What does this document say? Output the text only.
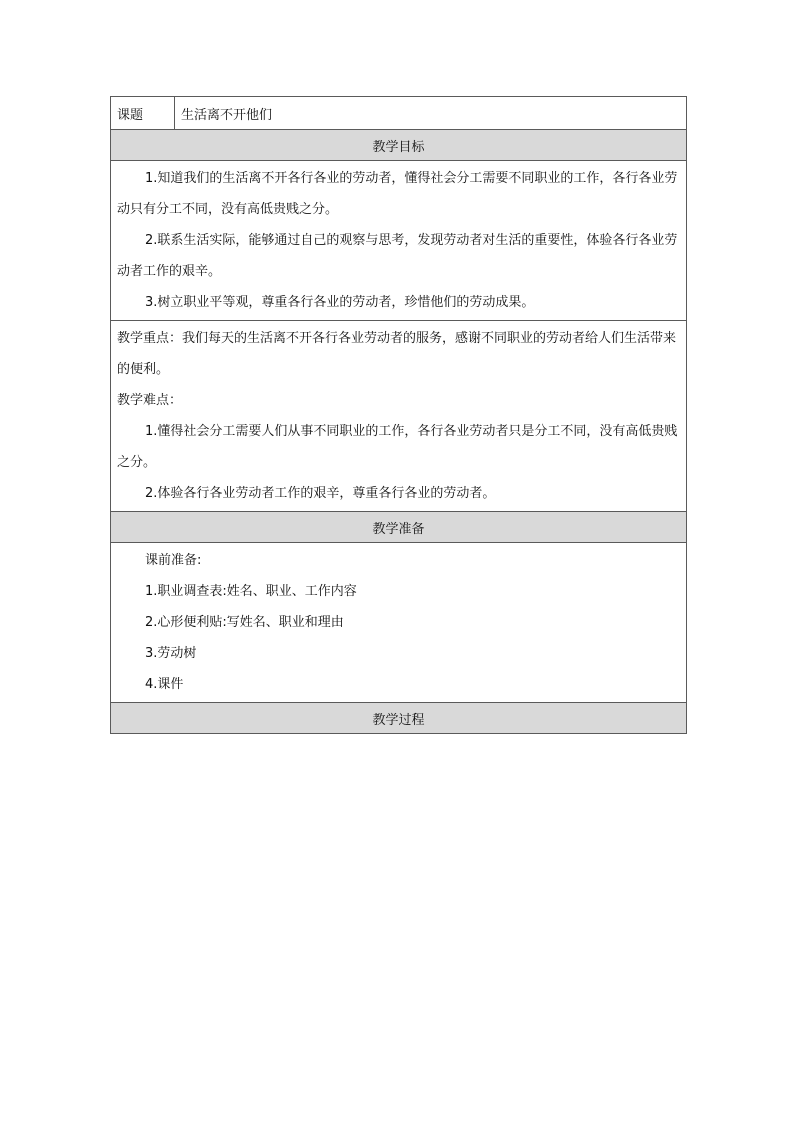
课题	生活离不开他们
教学目标

1.知道我们的生活离不开各行各业的劳动者，懂得社会分工需要不同职业的工作，各行各业劳动只有分工不同，没有高低贵贱之分。

2.联系生活实际，能够通过自己的观察与思考，发现劳动者对生活的重要性，体验各行各业劳动者工作的艰辛。

3.树立职业平等观，尊重各行各业的劳动者，珍惜他们的劳动成果。

教学重点：我们每天的生活离不开各行各业劳动者的服务，感谢不同职业的劳动者给人们生活带来的便利。

教学难点：

1.懂得社会分工需要人们从事不同职业的工作，各行各业劳动者只是分工不同，没有高低贵贱之分。

2.体验各行各业劳动者工作的艰辛，尊重各行各业的劳动者。

教学准备

课前准备:

1.职业调查表:姓名、职业、工作内容

2.心形便利贴:写姓名、职业和理由

3.劳动树

4.课件

教学过程
